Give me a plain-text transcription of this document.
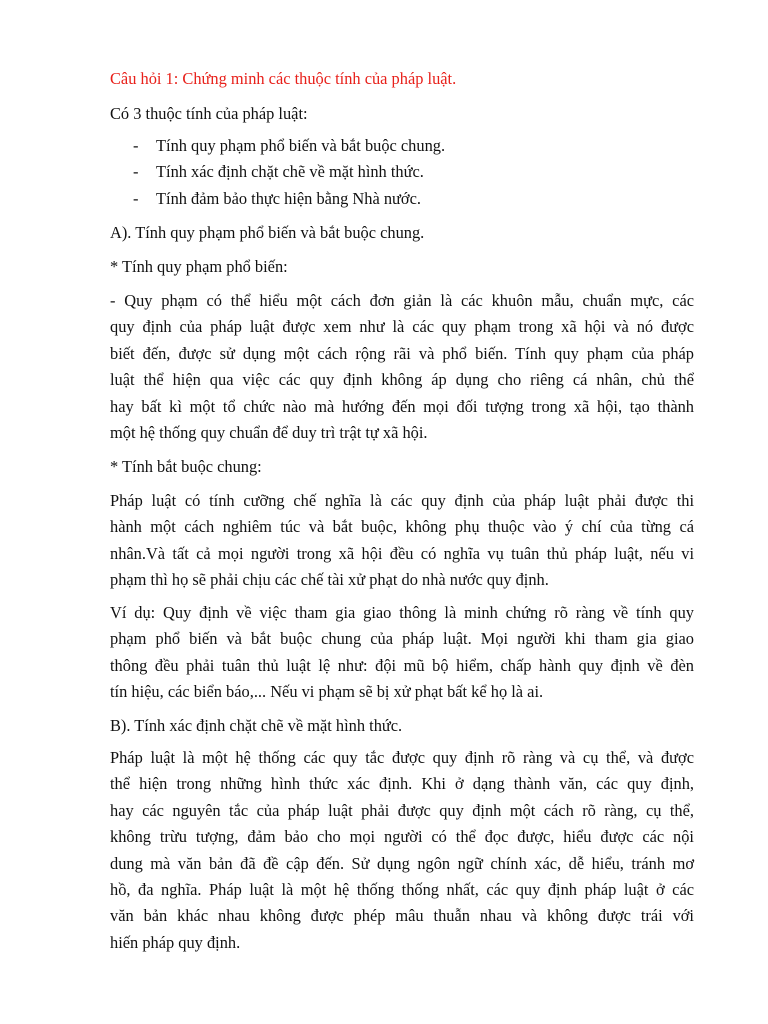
Câu hỏi 1: Chứng minh các thuộc tính của pháp luật.
Có 3 thuộc tính của pháp luật:
- Tính quy phạm phổ biến và bắt buộc chung.
- Tính xác định chặt chẽ về mặt hình thức.
- Tính đảm bảo thực hiện bằng Nhà nước.
A). Tính quy phạm phổ biến và bắt buộc chung.
* Tính quy phạm phổ biến:
- Quy phạm có thể hiểu một cách đơn giản là các khuôn mẫu, chuẩn mực, các
quy định của pháp luật được xem như là các quy phạm trong xã hội và nó được
biết đến, được sử dụng một cách rộng rãi và phổ biến. Tính quy phạm của pháp
luật thể hiện qua việc các quy định không áp dụng cho riêng cá nhân, chủ thể
hay bất kì một tổ chức nào mà hướng đến mọi đối tượng trong xã hội, tạo thành
một hệ thống quy chuẩn để duy trì trật tự xã hội.
* Tính bắt buộc chung:
Pháp luật có tính cưỡng chế nghĩa là các quy định của pháp luật phải được thi
hành một cách nghiêm túc và bắt buộc, không phụ thuộc vào ý chí của từng cá
nhân.Và tất cả mọi người trong xã hội đều có nghĩa vụ tuân thủ pháp luật, nếu vi
phạm thì họ sẽ phải chịu các chế tài xử phạt do nhà nước quy định.
Ví dụ: Quy định về việc tham gia giao thông là minh chứng rõ ràng về tính quy
phạm phổ biến và bắt buộc chung của pháp luật. Mọi người khi tham gia giao
thông đều phải tuân thủ luật lệ như: đội mũ bộ hiểm, chấp hành quy định về đèn
tín hiệu, các biển báo,... Nếu vi phạm sẽ bị xử phạt bất kể họ là ai.
B). Tính xác định chặt chẽ về mặt hình thức.
Pháp luật là một hệ thống các quy tắc được quy định rõ ràng và cụ thể, và được
thể hiện trong những hình thức xác định. Khi ở dạng thành văn, các quy định,
hay các nguyên tắc của pháp luật phải được quy định một cách rõ ràng, cụ thể,
không trừu tượng, đảm bảo cho mọi người có thể đọc được, hiểu được các nội
dung mà văn bản đã đề cập đến. Sử dụng ngôn ngữ chính xác, dễ hiểu, tránh mơ
hồ, đa nghĩa. Pháp luật là một hệ thống thống nhất, các quy định pháp luật ở các
văn bản khác nhau không được phép mâu thuẫn nhau và không được trái với
hiến pháp quy định.
